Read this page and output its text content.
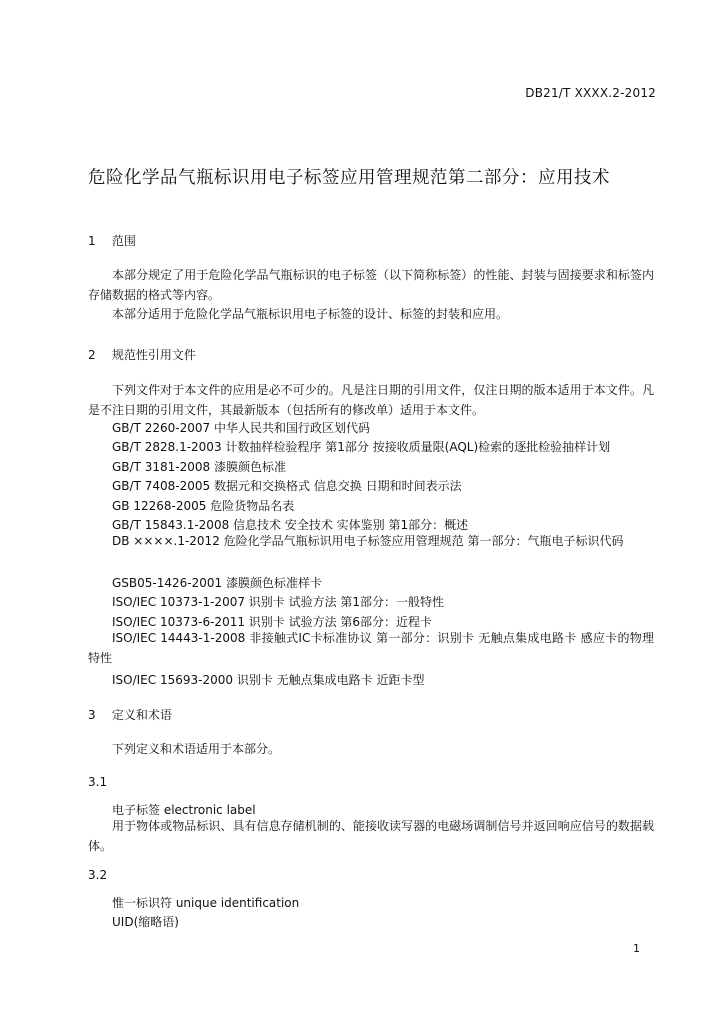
DB21/T XXXX.2-2012
危险化学品气瓶标识用电子标签应用管理规范第二部分：应用技术
1 范围
本部分规定了用于危险化学品气瓶标识的电子标签（以下简称标签）的性能、封装与固接要求和标签内存储数据的格式等内容。
本部分适用于危险化学品气瓶标识用电子标签的设计、标签的封装和应用。
2 规范性引用文件
下列文件对于本文件的应用是必不可少的。凡是注日期的引用文件，仅注日期的版本适用于本文件。凡是不注日期的引用文件，其最新版本（包括所有的修改单）适用于本文件。
GB/T 2260-2007 中华人民共和国行政区划代码
GB/T 2828.1-2003 计数抽样检验程序 第1部分 按接收质量限(AQL)检索的逐批检验抽样计划
GB/T 3181-2008 漆膜颜色标准
GB/T 7408-2005 数据元和交换格式 信息交换 日期和时间表示法
GB 12268-2005 危险货物品名表
GB/T 15843.1-2008 信息技术 安全技术 实体鉴别 第1部分：概述
DB ××××.1-2012 危险化学品气瓶标识用电子标签应用管理规范 第一部分：气瓶电子标识代码
GSB05-1426-2001 漆膜颜色标准样卡
ISO/IEC 10373-1-2007 识别卡 试验方法 第1部分：一般特性
ISO/IEC 10373-6-2011 识别卡 试验方法 第6部分：近程卡
ISO/IEC 14443-1-2008 非接触式IC卡标准协议 第一部分：识别卡 无触点集成电路卡 感应卡的物理特性
ISO/IEC 15693-2000 识别卡 无触点集成电路卡 近距卡型
3 定义和术语
下列定义和术语适用于本部分。
3.1
电子标签 electronic label
用于物体或物品标识、具有信息存储机制的、能接收读写器的电磁场调制信号并返回响应信号的数据载体。
3.2
惟一标识符 unique identification
UID(缩略语)
1
